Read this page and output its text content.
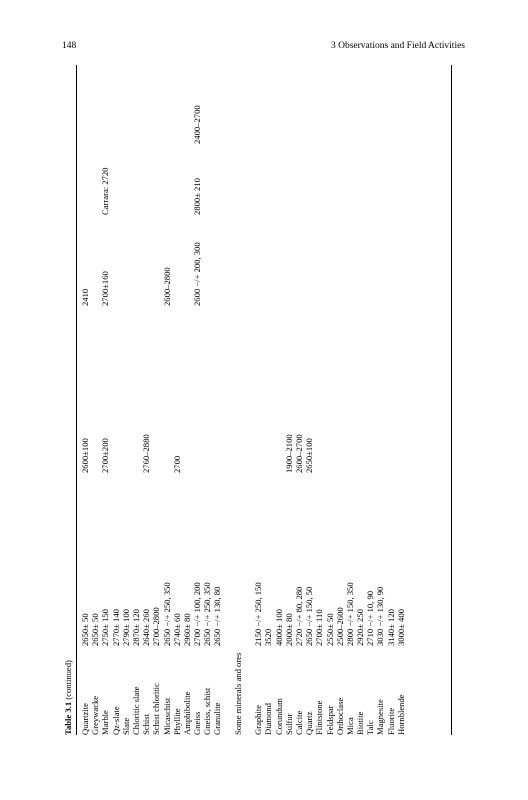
148	3 Observations and Field Activities
Table 3.1 (continued)
Quartzite
2650± 50
2600±100
2410
Greywacke
2650± 50
Marble
2750± 150
2700±200
2700±160
Carrara: 2720
Qz-slate
2770± 140
Slate
2790± 100
Chloritic slate
2870± 120
Schist
2640± 260
2760–2880
Schist chloritic
2700–2800
Micaschist
2650 −/+ 250, 350
2600–2800
Phyllite
2740± 60
2700
Amphibolite
2960± 80
Gneiss
2700 −/+ 100, 200
2600 −/+ 200, 300
2800± 210
2400–2700
Gneiss, schist
2650 −/+ 250, 350
Granulite
2650 −/+ 130, 80
Some minerals and ores Graphite
2150 −/+ 250, 150
Diamond
3520
Corundum
4000± 100
Sulfur
2000± 80
1900–2100
Calcite
2720 −/+ 80, 280
2600–2700
Quartz
2650 −/+ 150, 50
2650±100
Flintstone
2700± 110
Feldspar
2550± 50
Orthoclase
2500–2600
Mica
2800 −/+ 150, 350
Biotite
2920± 250
Talc
2710 −/+ 10, 90
Magnesite
3030 −/+ 130, 90
Fluorite
3140± 120
Hornblende
3000± 400
